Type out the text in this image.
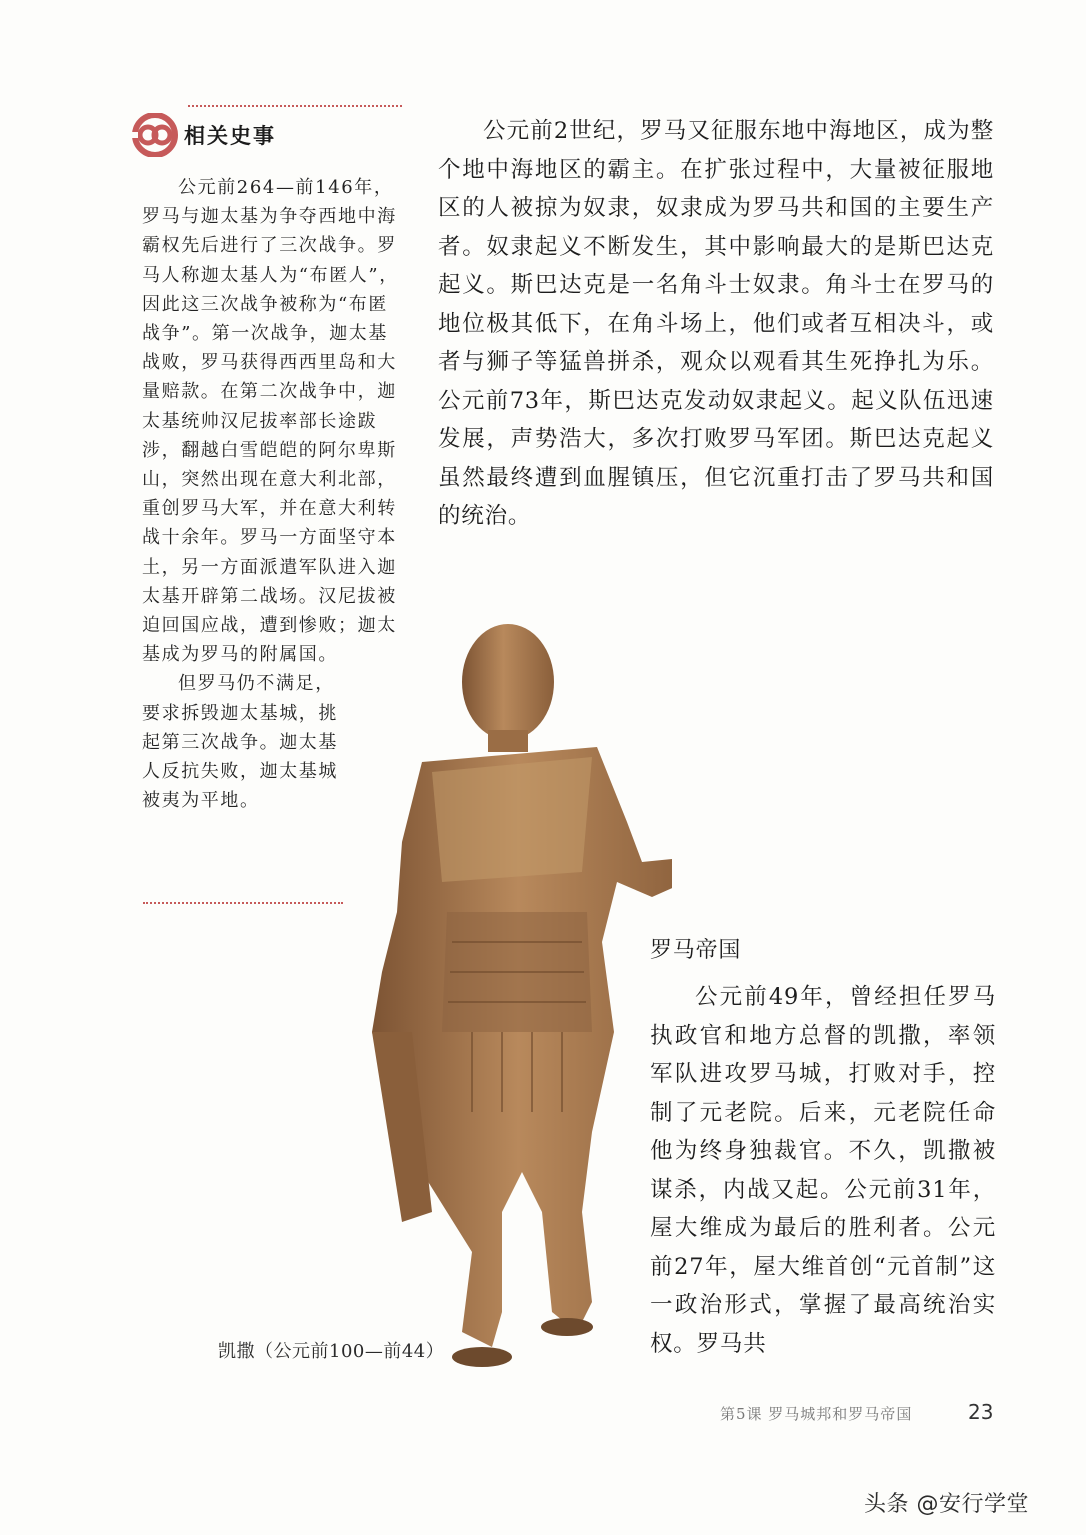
相关史事

公元前264—前146年，罗马与迦太基为争夺西地中海霸权先后进行了三次战争。罗马人称迦太基人为“布匿人”，因此这三次战争被称为“布匿战争”。第一次战争，迦太基战败，罗马获得西西里岛和大量赔款。在第二次战争中，迦太基统帅汉尼拔率部长途跋涉，翻越白雪皑皑的阿尔卑斯山，突然出现在意大利北部，重创罗马大军，并在意大利转战十余年。罗马一方面坚守本土，另一方面派遣军队进入迦太基开辟第二战场。汉尼拔被迫回国应战，遭到惨败；迦太基成为罗马的附属国。
但罗马仍不满足，要求拆毁迦太基城，挑起第三次战争。迦太基人反抗失败，迦太基城被夷为平地。

公元前2世纪，罗马又征服东地中海地区，成为整个地中海地区的霸主。在扩张过程中，大量被征服地区的人被掠为奴隶，奴隶成为罗马共和国的主要生产者。奴隶起义不断发生，其中影响最大的是斯巴达克起义。斯巴达克是一名角斗士奴隶。角斗士在罗马的地位极其低下，在角斗场上，他们或者互相决斗，或者与狮子等猛兽拼杀，观众以观看其生死挣扎为乐。公元前73年，斯巴达克发动奴隶起义。起义队伍迅速发展，声势浩大，多次打败罗马军团。斯巴达克起义虽然最终遭到血腥镇压，但它沉重打击了罗马共和国的统治。

罗马帝国

公元前49年，曾经担任罗马执政官和地方总督的凯撒，率领军队进攻罗马城，打败对手，控制了元老院。后来，元老院任命他为终身独裁官。不久，凯撒被谋杀，内战又起。公元前31年，屋大维成为最后的胜利者。公元前27年，屋大维首创“元首制”这一政治形式，掌握了最高统治实权。罗马共

凯撒（公元前100—前44）
第5课 罗马城邦和罗马帝国	23
头条 @安行学堂
